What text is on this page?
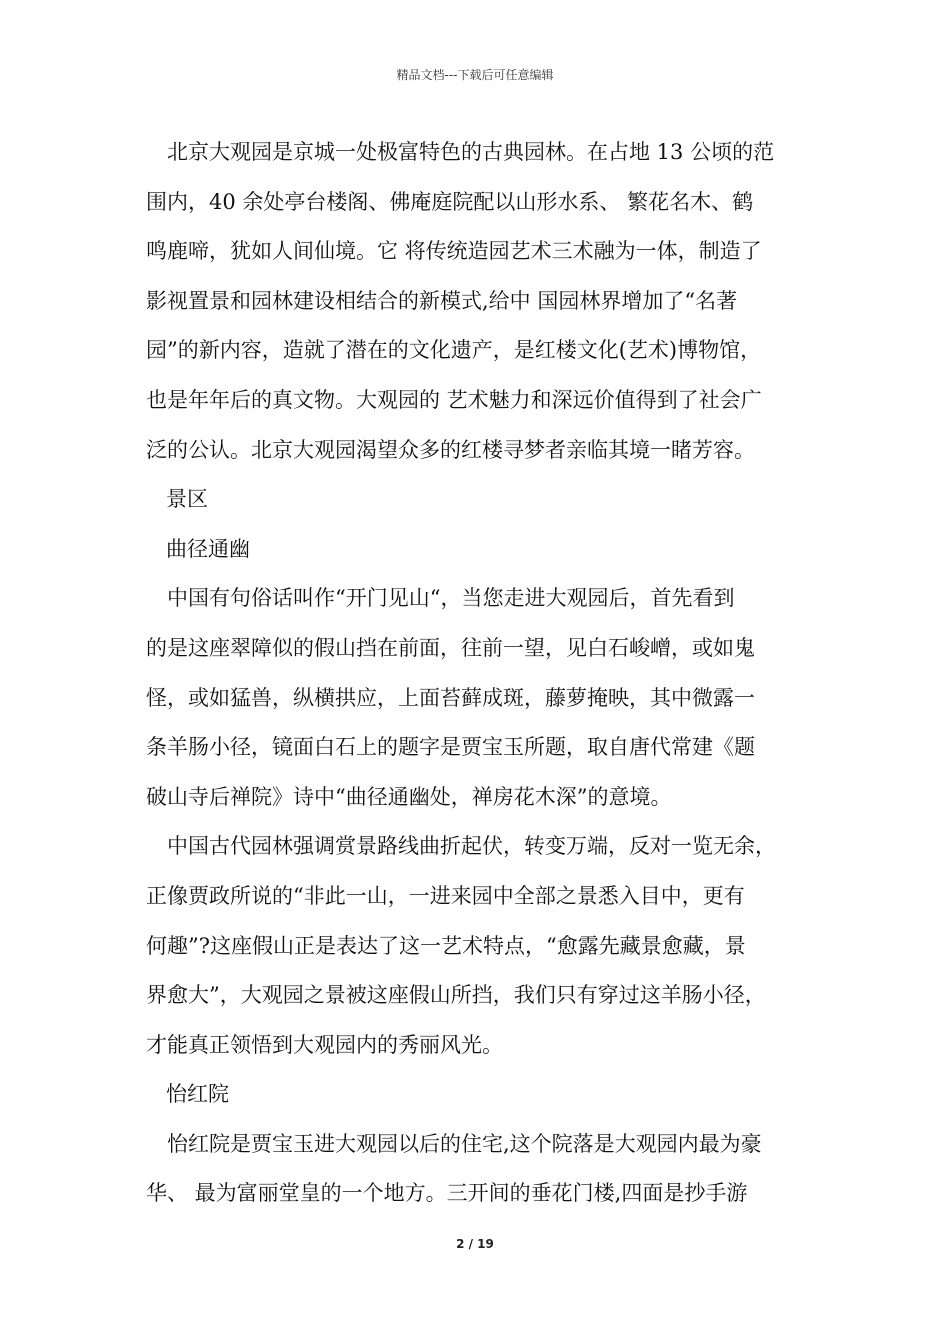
精品文档---下载后可任意编辑

北京大观园是京城一处极富特色的古典园林。在占地 13 公顷的范
围内，40 余处亭台楼阁、佛庵庭院配以山形水系、 繁花名木、鹤
鸣鹿啼，犹如人间仙境。它 将传统造园艺术三术融为一体，制造了
影视置景和园林建设相结合的新模式,给中 国园林界增加了“名著
园”的新内容，造就了潜在的文化遗产，是红楼文化(艺术)博物馆，
也是年年后的真文物。大观园的 艺术魅力和深远价值得到了社会广
泛的公认。北京大观园渴望众多的红楼寻梦者亲临其境一睹芳容。

景区

曲径通幽

中国有句俗话叫作“开门见山“，当您走进大观园后，首先看到
的是这座翠障似的假山挡在前面，往前一望，见白石峻嶒，或如鬼
怪，或如猛兽，纵横拱应，上面苔藓成斑，藤萝掩映，其中微露一
条羊肠小径，镜面白石上的题字是贾宝玉所题，取自唐代常建《题
破山寺后禅院》诗中“曲径通幽处，禅房花木深”的意境。

中国古代园林强调赏景路线曲折起伏，转变万端，反对一览无余，
正像贾政所说的“非此一山，一进来园中全部之景悉入目中，更有
何趣”?这座假山正是表达了这一艺术特点，“愈露先藏景愈藏，景
界愈大”，大观园之景被这座假山所挡，我们只有穿过这羊肠小径，
才能真正领悟到大观园内的秀丽风光。

怡红院

怡红院是贾宝玉进大观园以后的住宅,这个院落是大观园内最为豪
华、 最为富丽堂皇的一个地方。三开间的垂花门楼,四面是抄手游

2 / 19
